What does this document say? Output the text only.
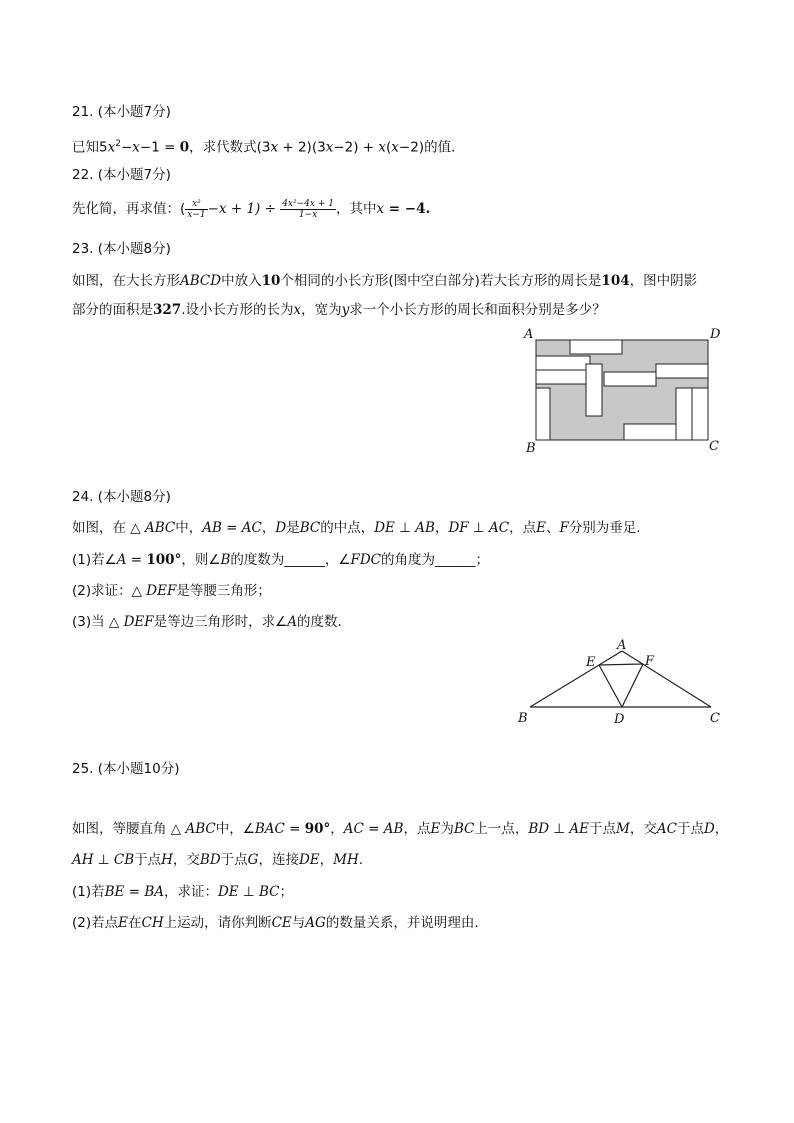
21. (本小题7分)
已知$5x^2-x-1 = 0$，求代数式(3x + 2)(3x−2) + x(x−2)的值.
22. (本小题7分)
先化简，再求值：( $\frac{\text{x²}}{x-1} -x + 1) \div \frac{\text{4x²−4x + 1}}{1-x}$ ，其中x = −4.
23. (本小题8分)
如图，在大长方形ABCD中放入10个相同的小长方形(图中空白部分)若大长方形的周长是104，图中阴影
部分的面积是327.设小长方形的长为x，宽为y求一个小长方形的周长和面积分别是多少？
A	D
B	C
24. (本小题8分)
如图，在 △ ABC中，AB = AC，D是BC的中点，DE ⊥ AB，DF ⊥ AC，点E、F分别为垂足.
(1)若∠A = 100°，则∠B的度数为______，∠FDC的角度为______；
(2)求证：△ DEF是等腰三角形；
(3)当 △ DEF是等边三角形时，求∠A的度数.
A
E	F
B	D	C
25. (本小题10分)
如图，等腰直角 △ ABC中，∠BAC = 90°，AC = AB，点E为BC上一点，BD ⊥ AE于点M，交AC于点D，
AH ⊥ CB于点H，交BD于点G，连接DE，MH.
(1)若BE = BA，求证：DE ⊥ BC；
(2)若点E在CH上运动，请你判断CE与AG的数量关系，并说明理由.
